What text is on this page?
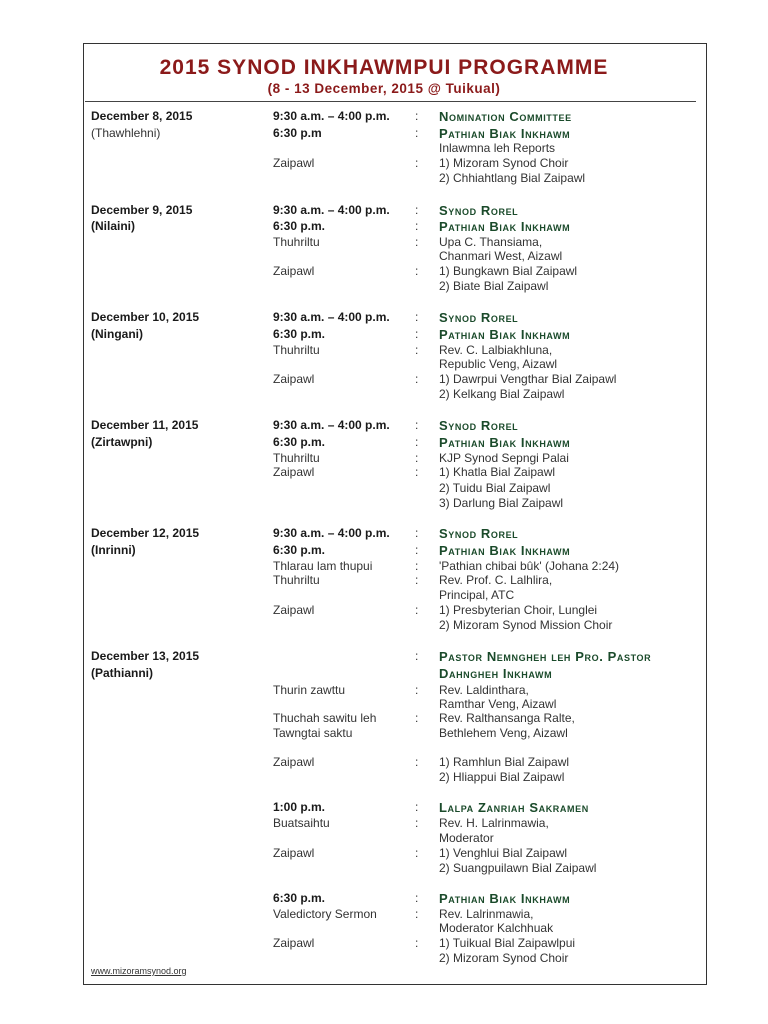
2015 SYNOD INKHAWMPUI PROGRAMME
(8 - 13 December, 2015 @ Tuikual)
December 8, 2015	9:30 a.m. – 4:00 p.m. : Nomination Committee
(Thawhlehni)	6:30 p.m	: Pathian Biak Inkhawm
Inlawmna leh Reports
Zaipawl	: 1) Mizoram Synod Choir
2) Chhiahtlang Bial Zaipawl
December 9, 2015	9:30 a.m. – 4:00 p.m. : Synod Rorel
(Nilaini)	6:30 p.m.	: Pathian Biak Inkhawm
Thuhriltu	: Upa C. Thansiama,
Chanmari West, Aizawl
Zaipawl	: 1) Bungkawn Bial Zaipawl
2) Biate Bial Zaipawl
December 10, 2015	9:30 a.m. – 4:00 p.m. : Synod Rorel
(Ningani)	6:30 p.m.	: Pathian Biak Inkhawm
Thuhriltu	: Rev. C. Lalbiakhluna,
Republic Veng, Aizawl
Zaipawl	: 1) Dawrpui Vengthar Bial Zaipawl
2) Kelkang Bial Zaipawl
December 11, 2015	9:30 a.m. – 4:00 p.m. : Synod Rorel
(Zirtawpni)	6:30 p.m.	: Pathian Biak Inkhawm
Thuhriltu	: KJP Synod Sepngi Palai
Zaipawl	: 1) Khatla Bial Zaipawl
2) Tuidu Bial Zaipawl
3) Darlung Bial Zaipawl
December 12, 2015	9:30 a.m. – 4:00 p.m. : Synod Rorel
(Inrinni)	6:30 p.m.	: Pathian Biak Inkhawm
Thlarau lam thupui	: 'Pathian chibai bûk' (Johana 2:24)
Thuhriltu	: Rev. Prof. C. Lalhlira,
Principal, ATC
Zaipawl	: 1) Presbyterian Choir, Lunglei
2) Mizoram Synod Mission Choir
December 13, 2015	: Pastor Nemngheh leh Pro. Pastor
(Pathianni)	Dahngheh Inkhawm
Thurin zawttu	: Rev. Laldinthara,
Ramthar Veng, Aizawl
Thuchah sawitu leh	: Rev. Ralthansanga Ralte,
Tawngtai saktu	Bethlehem Veng, Aizawl
Zaipawl	: 1) Ramhlun Bial Zaipawl
2) Hliappui Bial Zaipawl
1:00 p.m.	: Lalpa Zanriah Sakramen
Buatsaihtu	: Rev. H. Lalrinmawia,
Moderator
Zaipawl	: 1) Venghlui Bial Zaipawl
2) Suangpuilawn Bial Zaipawl
6:30 p.m.	: Pathian Biak Inkhawm
Valedictory Sermon	: Rev. Lalrinmawia,
Moderator Kalchhuak
Zaipawl	: 1) Tuikual Bial Zaipawlpui
2) Mizoram Synod Choir
www.mizoramsynod.org
